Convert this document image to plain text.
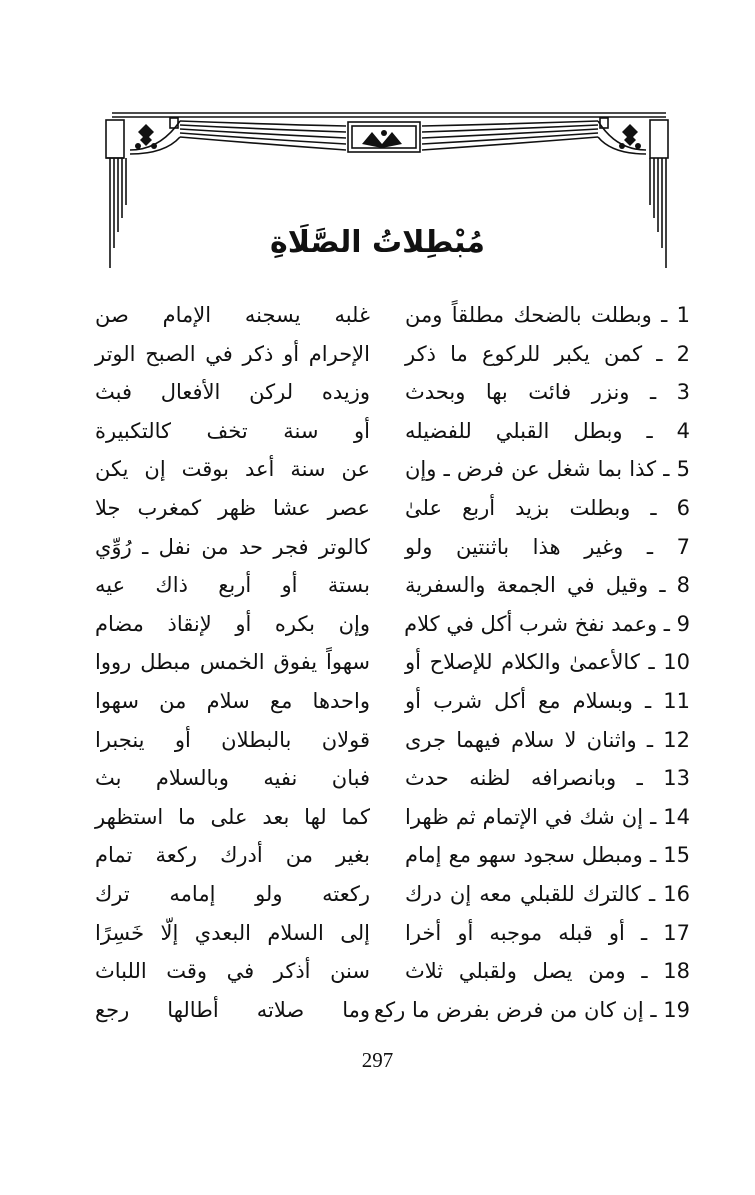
مُبْطِلاتُ الصَّلَاةِ
1 ـ وبطلت بالضحك مطلقاً ومن
غلبه يسجنه الإمام صن
2 ـ كمن يكبر للركوع ما ذكر
الإحرام أو ذكر في الصبح الوتر
3 ـ ونزر فائت بها وبحدث
وزيده لركن الأفعال فبث
4 ـ وبطل القبلي للفضيله
أو سنة تخف كالتكبيرة
5 ـ كذا بما شغل عن فرض ـ وإن
عن سنة أعد بوقت إن يكن
6 ـ وبطلت بزيد أربع علىٰ
عصر عشا ظهر كمغرب جلا
7 ـ وغير هذا باثنتين ولو
كالوتر فجر حد من نفل ـ رُوِّي
8 ـ وقيل في الجمعة والسفرية
بستة أو أربع ذاك عيه
9 ـ وعمد نفخ شرب أكل في كلام
وإن بكره أو لإنقاذ مضام
10 ـ كالأعمىٰ والكلام للإصلاح أو
سهواً يفوق الخمس مبطل رووا
11 ـ وبسلام مع أكل شرب أو
واحدها مع سلام من سهوا
12 ـ واثنان لا سلام فيهما جرى
قولان بالبطلان أو ينجبرا
13 ـ وبانصرافه لظنه حدث
فبان نفيه وبالسلام بث
14 ـ إن شك في الإتمام ثم ظهرا
كما لها بعد على ما استظهر
15 ـ ومبطل سجود سهو مع إمام
بغير من أدرك ركعة تمام
16 ـ كالترك للقبلي معه إن درك
ركعته ولو إمامه ترك
17 ـ أو قبله موجبه أو أخرا
إلى السلام البعدي إلّا خَسِرًا
18 ـ ومن يصل ولقبلي ثلاث
سنن أذكر في وقت اللباث
19 ـ إن كان من فرض بفرض ما ركع
وما صلاته أطالها رجع
297
